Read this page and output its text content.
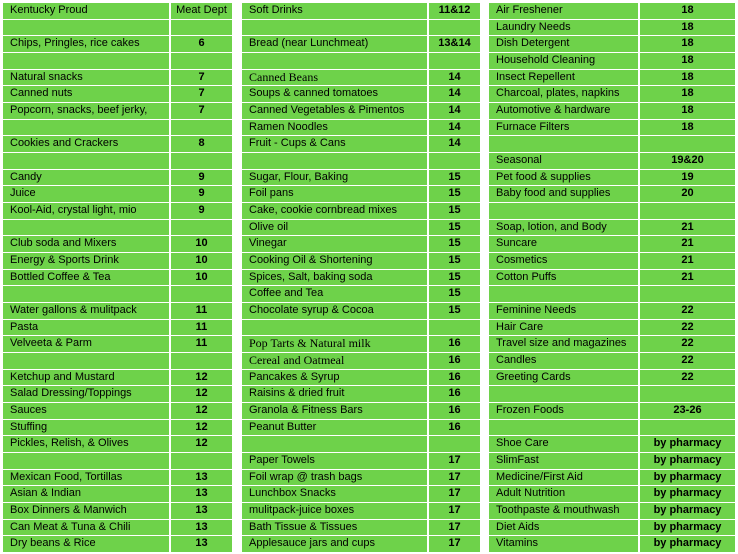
Kentucky Proud	Meat Dept
Chips, Pringles, rice cakes	6
Natural snacks	7
Canned nuts	7
Popcorn, snacks, beef jerky,	7
Cookies and Crackers	8
Candy	9
Juice	9
Kool-Aid, crystal light, mio	9
Club soda and Mixers	10
Energy & Sports Drink	10
Bottled Coffee & Tea	10
Water gallons & mulitpack	11
Pasta	11
Velveeta & Parm	11
Ketchup and Mustard	12
Salad Dressing/Toppings	12
Sauces	12
Stuffing	12
Pickles, Relish, & Olives	12
Mexican Food, Tortillas	13
Asian & Indian	13
Box Dinners & Manwich	13
Can Meat & Tuna & Chili	13
Dry beans & Rice	13
Soft Drinks	11&12
Bread (near Lunchmeat)	13&14
Canned Beans	14
Soups & canned tomatoes	14
Canned Vegetables & Pimentos	14
Ramen Noodles	14
Fruit - Cups & Cans	14
Sugar, Flour, Baking	15
Foil pans	15
Cake, cookie cornbread mixes	15
Olive oil	15
Vinegar	15
Cooking Oil & Shortening	15
Spices, Salt, baking soda	15
Coffee and Tea	15
Chocolate syrup & Cocoa	15
Pop Tarts & Natural milk	16
Cereal and Oatmeal	16
Pancakes & Syrup	16
Raisins & dried fruit	16
Granola & Fitness Bars	16
Peanut Butter	16
Paper Towels	17
Foil wrap @ trash bags	17
Lunchbox Snacks	17
mulitpack-juice boxes	17
Bath Tissue & Tissues	17
Applesauce jars and cups	17
Air Freshener	18
Laundry Needs	18
Dish Detergent	18
Household Cleaning	18
Insect Repellent	18
Charcoal, plates, napkins	18
Automotive & hardware	18
Furnace Filters	18
Seasonal	19&20
Pet food & supplies	19
Baby food and supplies	20
Soap, lotion, and Body	21
Suncare	21
Cosmetics	21
Cotton Puffs	21
Feminine Needs	22
Hair Care	22
Travel size and magazines	22
Candles	22
Greeting Cards	22
Frozen Foods	23-26
Shoe Care	by pharmacy
SlimFast	by pharmacy
Medicine/First Aid	by pharmacy
Adult Nutrition	by pharmacy
Toothpaste & mouthwash	by pharmacy
Diet Aids	by pharmacy
Vitamins	by pharmacy
